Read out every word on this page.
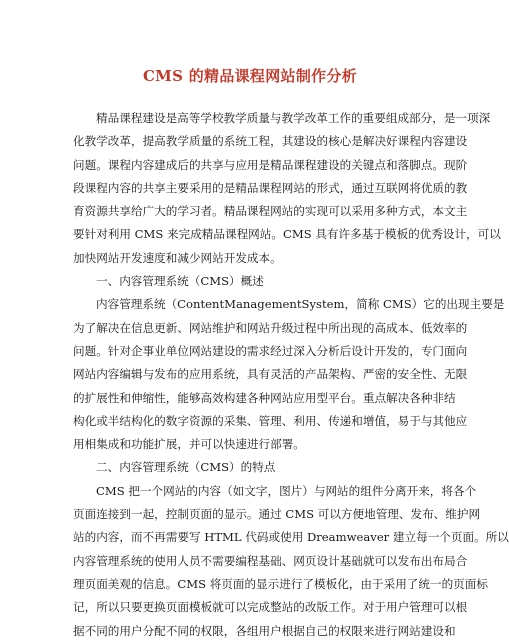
CMS 的精品课程网站制作分析
精品课程建设是高等学校教学质量与教学改革工作的重要组成部分，是一项深
化教学改革，提高教学质量的系统工程，其建设的核心是解决好课程内容建设
问题。课程内容建成后的共享与应用是精品课程建设的关键点和落脚点。现阶
段课程内容的共享主要采用的是精品课程网站的形式，通过互联网将优质的教
育资源共享给广大的学习者。精品课程网站的实现可以采用多种方式，本文主
要针对利用 CMS 来完成精品课程网站。CMS 具有许多基于模板的优秀设计，可以
加快网站开发速度和减少网站开发成本。
一、内容管理系统（CMS）概述
内容管理系统（ContentManagementSystem，简称 CMS）它的出现主要是
为了解决在信息更新、网站维护和网站升级过程中所出现的高成本、低效率的
问题。针对企事业单位网站建设的需求经过深入分析后设计开发的，专门面向
网站内容编辑与发布的应用系统，具有灵活的产品架构、严密的安全性、无限
的扩展性和伸缩性，能够高效构建各种网站应用型平台。重点解决各种非结
构化或半结构化的数字资源的采集、管理、利用、传递和增值，易于与其他应
用相集成和功能扩展，并可以快速进行部署。
二、内容管理系统（CMS）的特点
CMS 把一个网站的内容（如文字，图片）与网站的组件分离开来，将各个
页面连接到一起，控制页面的显示。通过 CMS 可以方便地管理、发布、维护网
站的内容，而不再需要写 HTML 代码或使用 Dreamweaver 建立每一个页面。所以
内容管理系统的使用人员不需要编程基础、网页设计基础就可以发布出布局合
理页面美观的信息。CMS 将页面的显示进行了模板化，由于采用了统一的页面标
记，所以只要更换页面模板就可以完成整站的改版工作。对于用户管理可以根
据不同的用户分配不同的权限，各组用户根据自己的权限来进行网站建设和
